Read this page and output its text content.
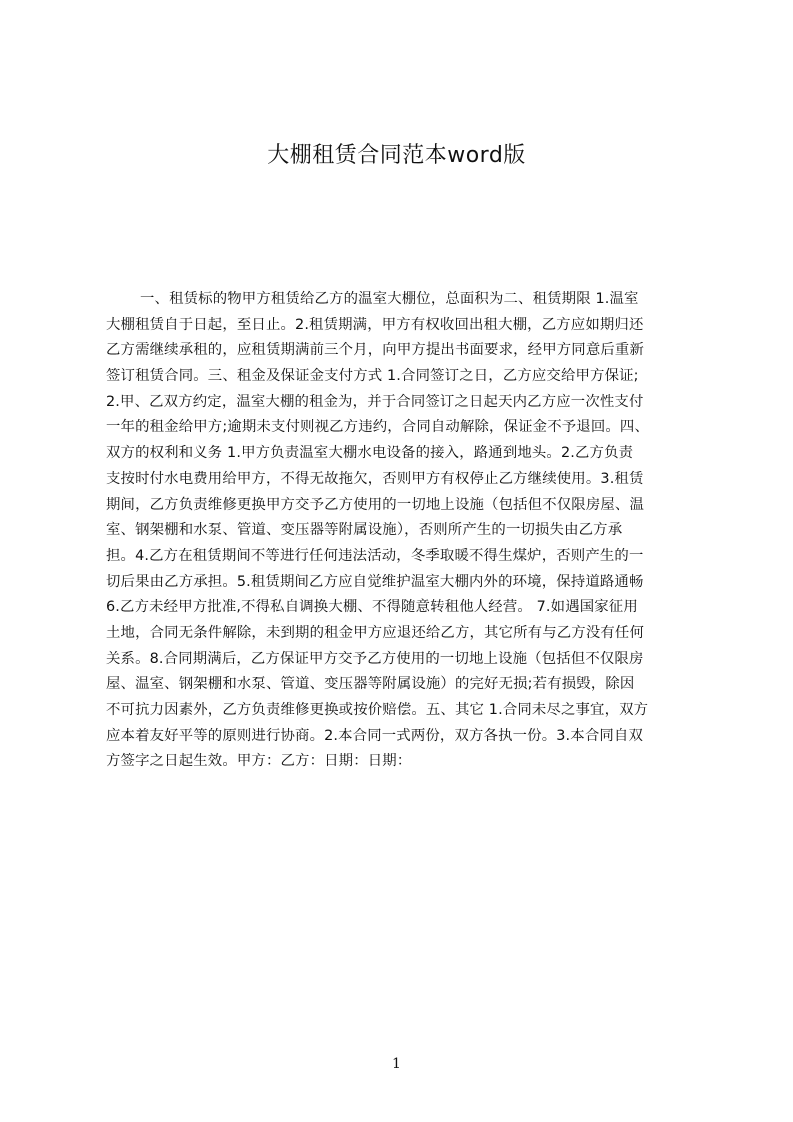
大棚租赁合同范本word版
一、租赁标的物甲方租赁给乙方的温室大棚位，总面积为二、租赁期限 1.温室
大棚租赁自于日起，至日止。2.租赁期满，甲方有权收回出租大棚，乙方应如期归还
乙方需继续承租的，应租赁期满前三个月，向甲方提出书面要求，经甲方同意后重新
签订租赁合同。三、租金及保证金支付方式 1.合同签订之日，乙方应交给甲方保证;
2.甲、乙双方约定，温室大棚的租金为，并于合同签订之日起天内乙方应一次性支付
一年的租金给甲方;逾期未支付则视乙方违约，合同自动解除，保证金不予退回。四、
双方的权利和义务 1.甲方负责温室大棚水电设备的接入，路通到地头。2.乙方负责
支按时付水电费用给甲方，不得无故拖欠，否则甲方有权停止乙方继续使用。3.租赁
期间，乙方负责维修更换甲方交予乙方使用的一切地上设施（包括但不仅限房屋、温
室、钢架棚和水泵、管道、变压器等附属设施），否则所产生的一切损失由乙方承
担。4.乙方在租赁期间不等进行任何违法活动，冬季取暖不得生煤炉，否则产生的一
切后果由乙方承担。5.租赁期间乙方应自觉维护温室大棚内外的环境，保持道路通畅
6.乙方未经甲方批准,不得私自调换大棚、不得随意转租他人经营。 7.如遇国家征用
土地，合同无条件解除，未到期的租金甲方应退还给乙方，其它所有与乙方没有任何
关系。8.合同期满后，乙方保证甲方交予乙方使用的一切地上设施（包括但不仅限房
屋、温室、钢架棚和水泵、管道、变压器等附属设施）的完好无损;若有损毁，除因
不可抗力因素外，乙方负责维修更换或按价赔偿。五、其它 1.合同未尽之事宜，双方
应本着友好平等的原则进行协商。2.本合同一式两份，双方各执一份。3.本合同自双
方签字之日起生效。甲方：乙方：日期：日期：
1
